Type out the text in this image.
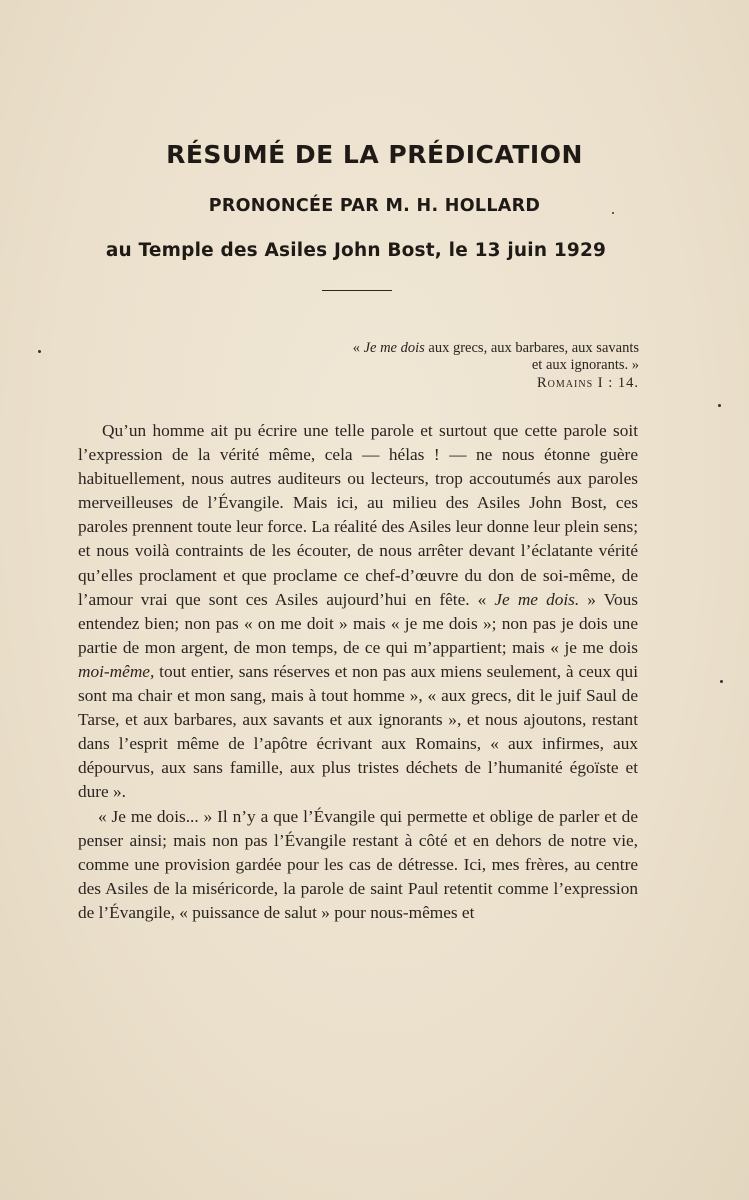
RÉSUMÉ DE LA PRÉDICATION
PRONONCÉE PAR M. H. HOLLARD
au Temple des Asiles John Bost, le 13 juin 1929
« Je me dois aux grecs, aux barbares, aux savants et aux ignorants. »
Romains I : 14.

Qu’un homme ait pu écrire une telle parole et surtout que cette parole soit l’expression de la vérité même, cela — hélas ! — ne nous étonne guère habituellement, nous autres auditeurs ou lecteurs, trop accoutumés aux paroles merveilleuses de l’Évangile. Mais ici, au milieu des Asiles John Bost, ces paroles prennent toute leur force. La réalité des Asiles leur donne leur plein sens; et nous voilà contraints de les écouter, de nous arrêter devant l’éclatante vérité qu’elles proclament et que proclame ce chef-d’œuvre du don de soi-même, de l’amour vrai que sont ces Asiles aujourd’hui en fête. « Je me dois. » Vous entendez bien; non pas « on me doit » mais « je me dois »; non pas je dois une partie de mon argent, de mon temps, de ce qui m’appartient; mais « je me dois moi-même, tout entier, sans réserves et non pas aux miens seulement, à ceux qui sont ma chair et mon sang, mais à tout homme », « aux grecs, dit le juif Saul de Tarse, et aux barbares, aux savants et aux ignorants », et nous ajoutons, restant dans l’esprit même de l’apôtre écrivant aux Romains, « aux infirmes, aux dépourvus, aux sans famille, aux plus tristes déchets de l’humanité égoïste et dure ».

« Je me dois... » Il n’y a que l’Évangile qui permette et oblige de parler et de penser ainsi; mais non pas l’Évangile restant à côté et en dehors de notre vie, comme une provision gardée pour les cas de détresse. Ici, mes frères, au centre des Asiles de la miséricorde, la parole de saint Paul retentit comme l’expression de l’Évangile, « puissance de salut » pour nous-mêmes et
